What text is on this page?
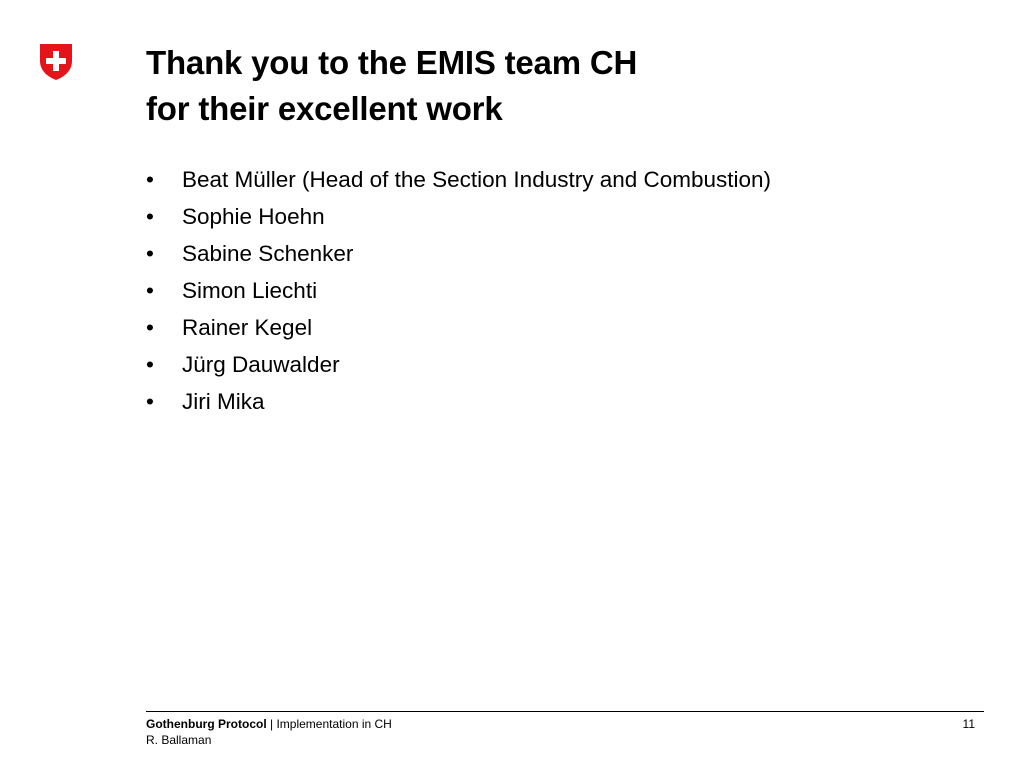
Thank you to the EMIS team CH
for their excellent work
• Beat Müller (Head of the Section Industry and Combustion)
• Sophie Hoehn
• Sabine Schenker
• Simon Liechti
• Rainer Kegel
• Jürg Dauwalder
• Jiri Mika
Gothenburg Protocol | Implementation in CH
R. Ballaman
11
